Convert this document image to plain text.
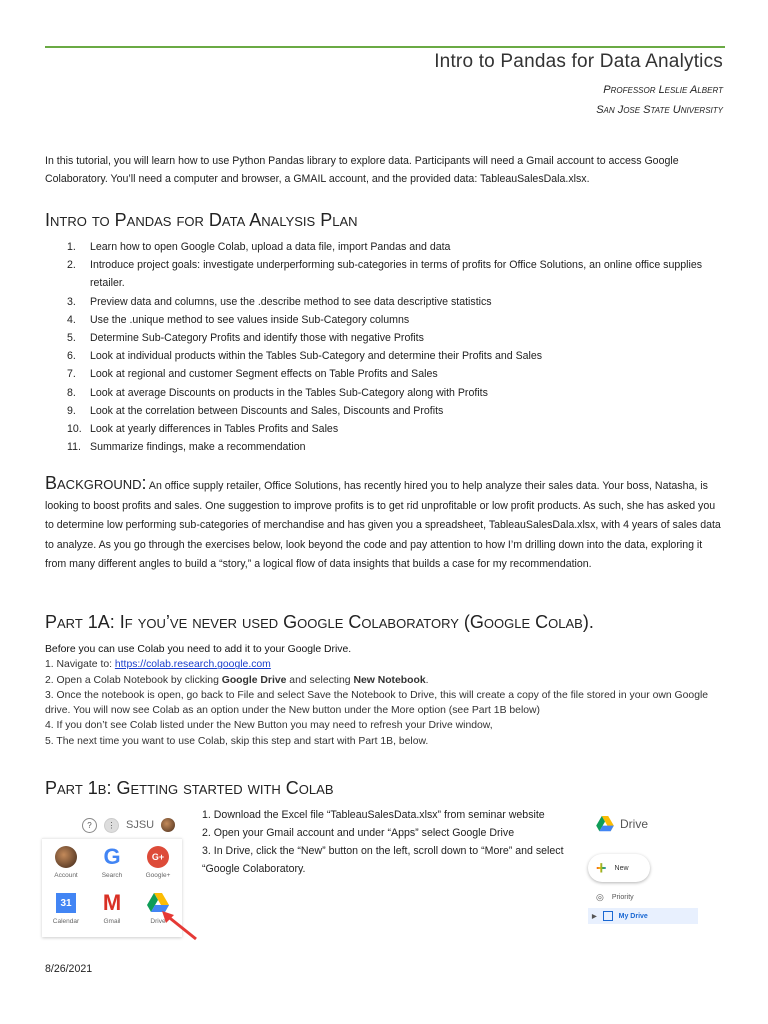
Intro to Pandas for Data Analytics
Professor Leslie Albert
San Jose State University
In this tutorial, you will learn how to use Python Pandas library to explore data. Participants will need a Gmail account to access Google Colaboratory. You’ll need a computer and browser, a GMAIL account, and the provided data: TableauSalesDala.xlsx.
Intro to Pandas for Data Analysis Plan
1.	Learn how to open Google Colab, upload a data file, import Pandas and data
2.	Introduce project goals: investigate underperforming sub-categories in terms of profits for Office Solutions, an online office supplies retailer.
3.	Preview data and columns, use the .describe method to see data descriptive statistics
4.	Use the .unique method to see values inside Sub-Category columns
5.	Determine Sub-Category Profits and identify those with negative Profits
6.	Look at individual products within the Tables Sub-Category and determine their Profits and Sales
7.	Look at regional and customer Segment effects on Table Profits and Sales
8.	Look at average Discounts on products in the Tables Sub-Category along with Profits
9.	Look at the correlation between Discounts and Sales, Discounts and Profits
10. Look at yearly differences in Tables Profits and Sales
11. Summarize findings, make a recommendation
Background: An office supply retailer, Office Solutions, has recently hired you to help analyze their sales data. Your boss, Natasha, is looking to boost profits and sales. One suggestion to improve profits is to get rid unprofitable or low profit products. As such, she has asked you to determine low performing sub-categories of merchandise and has given you a spreadsheet, TableauSalesDala.xlsx, with 4 years of sales data to analyze. As you go through the exercises below, look beyond the code and pay attention to how I’m drilling down into the data, exploring it from many different angles to build a “story,” a logical flow of data insights that builds a case for my recommendation.
Part 1A: If you’ve never used Google Colaboratory (Google Colab).
Before you can use Colab you need to add it to your Google Drive.
1. Navigate to: https://colab.research.google.com
2. Open a Colab Notebook by clicking Google Drive and selecting New Notebook.
3. Once the notebook is open, go back to File and select Save the Notebook to Drive, this will create a copy of the file stored in your own Google drive. You will now see Colab as an option under the New button under the More option (see Part 1B below)
4. If you don’t see Colab listed under the New Button you may need to refresh your Drive window,
5. The next time you want to use Colab, skip this step and start with Part 1B, below.
Part 1b: Getting started with Colab
?	⋮ SJSU
Account
G
Search
G+
Google+
31
Calendar
M
Gmail	Drive
1. Download the Excel file “TableauSalesData.xlsx” from seminar website
2. Open your Gmail account and under “Apps” select Google Drive
3. In Drive, click the “New” button on the left, scroll down to “More” and select “Google Colaboratory.
Drive
+ New
◎ Priority
▶	My Drive
8/26/2021
